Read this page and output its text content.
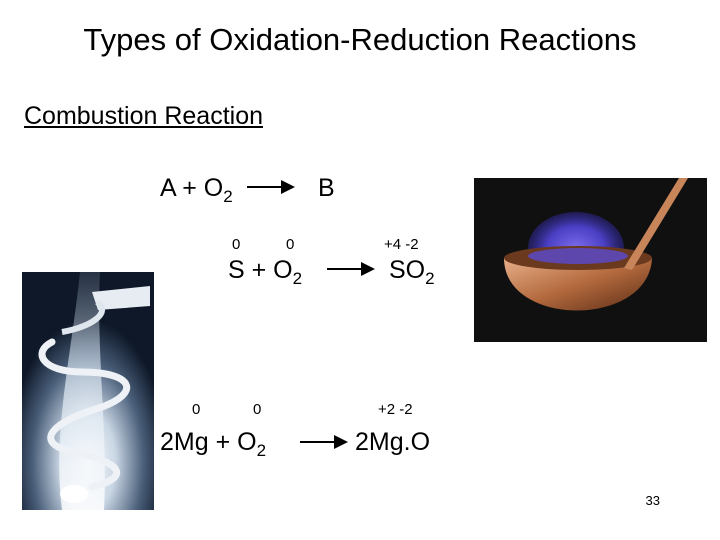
Types of Oxidation-Reduction Reactions
Combustion Reaction
$A + O_2$	B
0	0	+4 -2
$S + O_2$	$SO_2$
0	0	+2 -2
$2Mg + O_2$	2Mg.O
33
